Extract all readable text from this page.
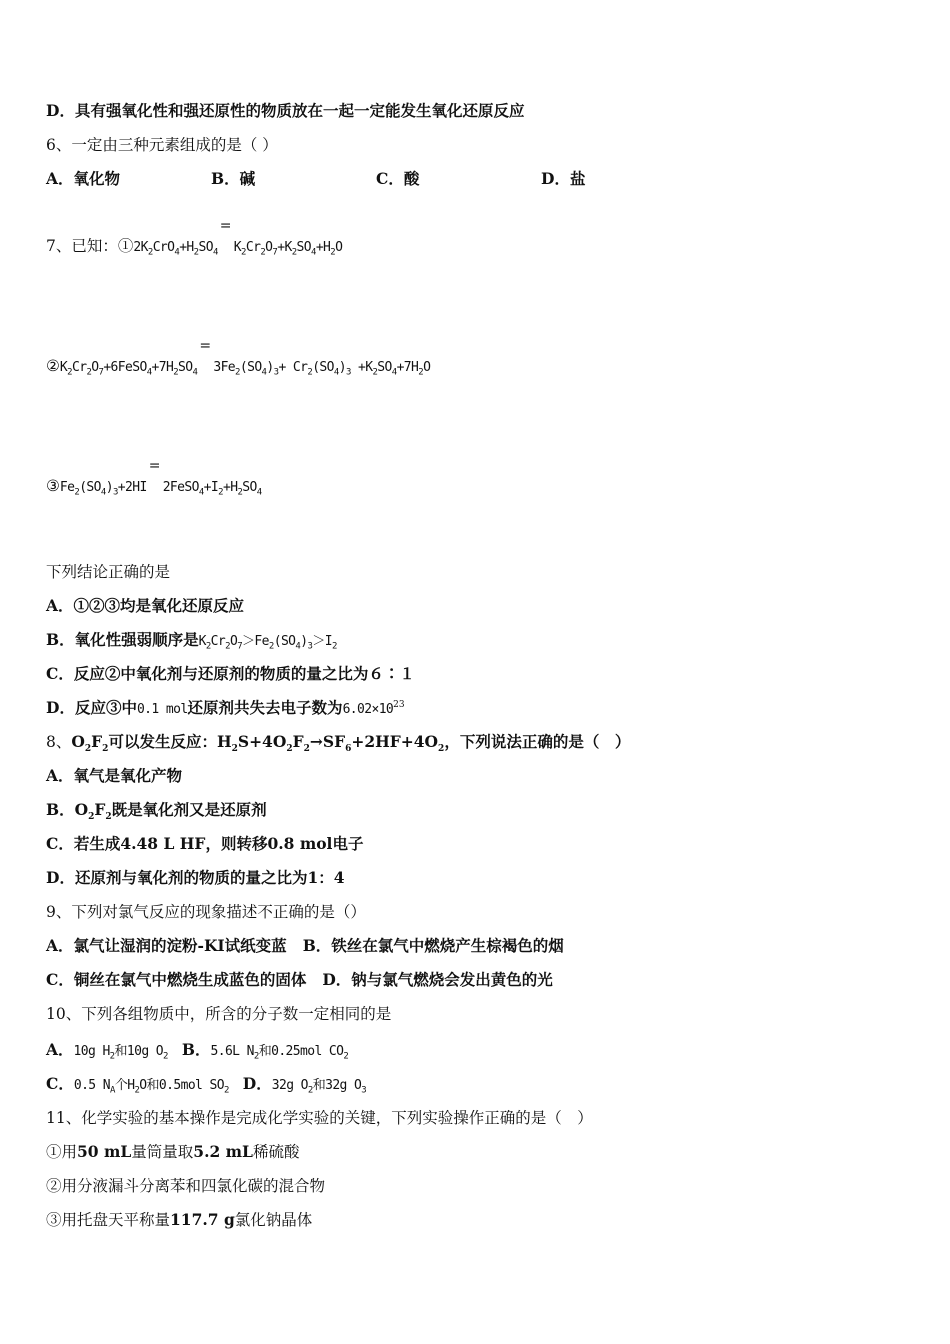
D．具有强氧化性和强还原性的物质放在一起一定能发生氧化还原反应
6、一定由三种元素组成的是（ ）
A．氧化物	B．碱	C．酸	D．盐
7、已知：$①2K_2CrO_4+H_2SO_4$
=
$K_2Cr_2O_7+K_2SO_4+H_2O$
$②K_2Cr_2O_7+6FeSO_4+7H_2SO_4$
=
$3Fe_2(SO_4)_3+ Cr_2(SO_4)_3 +K_2SO_4+7H_2O$
$③Fe_2(SO_4)_3+2HI$
=
$2FeSO_4+I_2+H_2SO_4$
下列结论正确的是
A．①②③均是氧化还原反应
B．氧化性强弱顺序是$K_2Cr_2O_7>Fe_2(SO_4)_3>I_2$
C．反应②中氧化剂与还原剂的物质的量之比为６∶１
D．反应③中0.1 mol还原剂共失去电子数为$6.02\times 10^{23}$
8、$O_2F_2$可以发生反应：$H_2S+4O_2F_2\to SF_6+2HF+4O_2$，下列说法正确的是（　）
A．氧气是氧化产物
B．$O_2F_2$既是氧化剂又是还原剂
C．若生成4.48 L HF，则转移0.8 mol电子
D．还原剂与氧化剂的物质的量之比为1：4
9、下列对氯气反应的现象描述不正确的是（）
A．氯气让湿润的淀粉-KI试纸变蓝 B．铁丝在氯气中燃烧产生棕褐色的烟
C．铜丝在氯气中燃烧生成蓝色的固体 D．钠与氯气燃烧会发出黄色的光
10、下列各组物质中，所含的分子数一定相同的是
A．10g $H_2$和10g $O_2$ B．5.6L $N_2$和0.25mol $CO_2$
C．0.5 $N_A$个$H_2O$和0.5mol $SO_2$ D．32g $O_2$和32g $O_3$
11、化学实验的基本操作是完成化学实验的关键，下列实验操作正确的是（　）
①用50 mL量筒量取5.2 mL稀硫酸
②用分液漏斗分离苯和四氯化碳的混合物
③用托盘天平称量117.7 g氯化钠晶体
